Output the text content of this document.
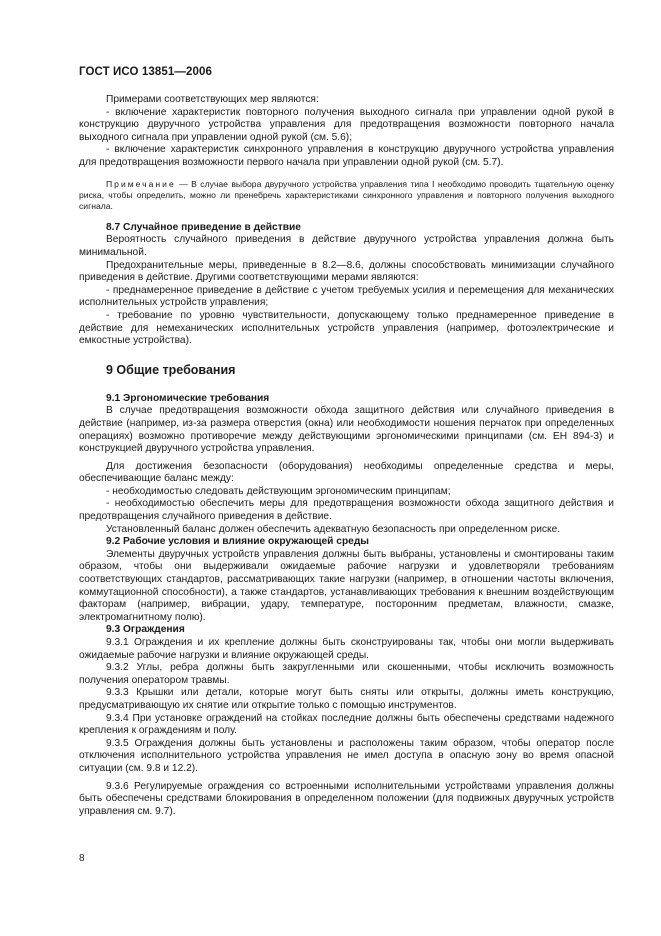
ГОСТ ИСО 13851—2006

Примерами соответствующих мер являются:

- включение характеристик повторного получения выходного сигнала при управлении одной рукой в конструкцию двуручного устройства управления для предотвращения возможности повторного начала выходного сигнала при управлении одной рукой (см. 5.6);

- включение характеристик синхронного управления в конструкцию двуручного устройства управления для предотвращения возможности первого начала при управлении одной рукой (см. 5.7).

Примечание — В случае выбора двуручного устройства управления типа I необходимо проводить тщательную оценку риска, чтобы определить, можно ли пренебречь характеристиками синхронного управления и повторного получения выходного сигнала.

8.7 Случайное приведение в действие

Вероятность случайного приведения в действие двуручного устройства управления должна быть минимальной.

Предохранительные меры, приведенные в 8.2—8.6, должны способствовать минимизации случайного приведения в действие. Другими соответствующими мерами являются:

- преднамеренное приведение в действие с учетом требуемых усилия и перемещения для механических исполнительных устройств управления;

- требование по уровню чувствительности, допускающему только преднамеренное приведение в действие для немеханических исполнительных устройств управления (например, фотоэлектрические и емкостные устройства).

9 Общие требования
9.1 Эргономические требования

В случае предотвращения возможности обхода защитного действия или случайного приведения в действие (например, из-за размера отверстия (окна) или необходимости ношения перчаток при определенных операциях) возможно противоречие между действующими эргономическими принципами (см. ЕН 894-3) и конструкцией двуручного устройства управления.

Для достижения безопасности (оборудования) необходимы определенные средства и меры, обеспечивающие баланс между:

- необходимостью следовать действующим эргономическим принципам;

- необходимостью обеспечить меры для предотвращения возможности обхода защитного действия и предотвращения случайного приведения в действие.

Установленный баланс должен обеспечить адекватную безопасность при определенном риске.

9.2 Рабочие условия и влияние окружающей среды

Элементы двуручных устройств управления должны быть выбраны, установлены и смонтированы таким образом, чтобы они выдерживали ожидаемые рабочие нагрузки и удовлетворяли требованиям соответствующих стандартов, рассматривающих такие нагрузки (например, в отношении частоты включения, коммутационной способности), а также стандартов, устанавливающих требования к внешним воздействующим факторам (например, вибрации, удару, температуре, посторонним предметам, влажности, смазке, электромагнитному полю).

9.3 Ограждения

9.3.1 Ограждения и их крепление должны быть сконструированы так, чтобы они могли выдерживать ожидаемые рабочие нагрузки и влияние окружающей среды.

9.3.2 Углы, ребра должны быть закругленными или скошенными, чтобы исключить возможность получения оператором травмы.

9.3.3 Крышки или детали, которые могут быть сняты или открыты, должны иметь конструкцию, предусматривающую их снятие или открытие только с помощью инструментов.

9.3.4 При установке ограждений на стойках последние должны быть обеспечены средствами надежного крепления к ограждениям и полу.

9.3.5 Ограждения должны быть установлены и расположены таким образом, чтобы оператор после отключения исполнительного устройства управления не имел доступа в опасную зону во время опасной ситуации (см. 9.8 и 12.2).

9.3.6 Регулируемые ограждения со встроенными исполнительными устройствами управления должны быть обеспечены средствами блокирования в определенном положении (для подвижных двуручных устройств управления см. 9.7).

8
